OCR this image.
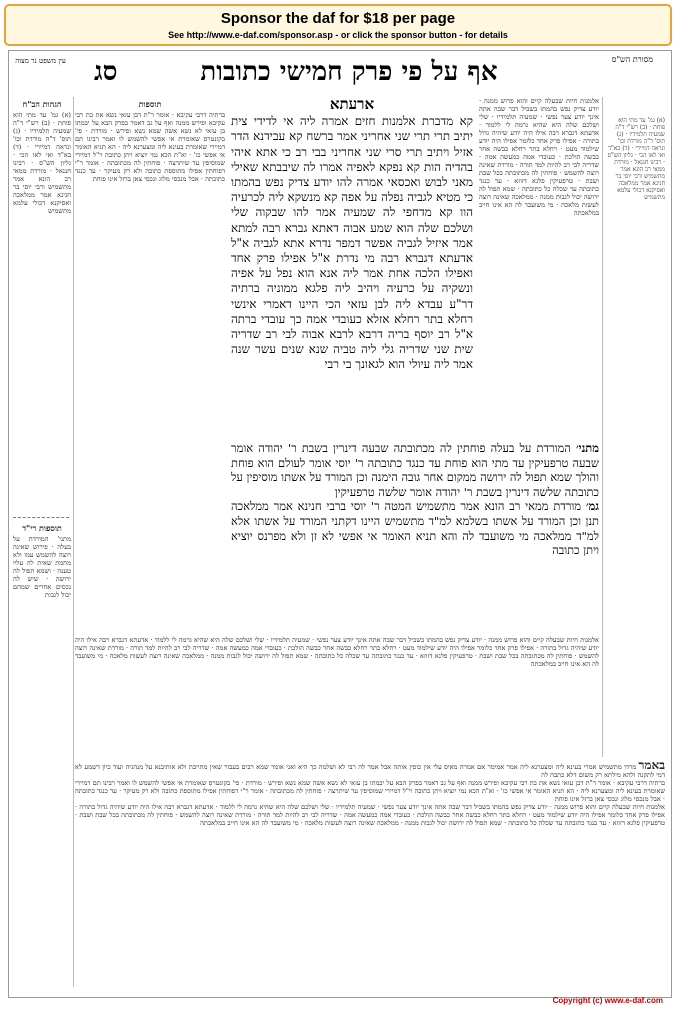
Sponsor the daf for $18 per page
See http://www.e-daf.com/sponsor.asp - or click the sponsor button - for details
מסורת הש"ס
אף על פי פרק חמישי כתובות
סג
עין משפט נר מצוה
הגהות הב"ח

(א) גמ' עד מתי הוא פוחת · (ב) רש"י ד"ה שמעיה תלמידיו · (ג) תוס' ד"ה מורדת וכו' ונראה דמיירי · (ד) בא"ד ואי לאו הכי · גליון הש"ס · רבינו חננאל · מורדת ממאי רב הונא אמר מתשמיש ורבי יוסי בר חנינא אמר ממלאכה ואסיקנא דכולי עלמא מתשמיש

תוספות

ברתיה דרבי עקיבא · אומר ר"ת דבן עזאי נשא את בת רבי עקיבא ופירש ממנה ואף על גב דאמר בפרק הבא על יבמתו בן עזאי לא נשא אשה שמא נשא ופירש · מורדת · פי' בקונטרס שאומרת אי אפשי להשמש לו ואמר רבינו תם דמיירי שאומרת בעינא ליה ומצערנא ליה · הא תניא האומר אי אפשי כו' · וא"ת הכא נמי יוציא ויתן כתובה וי"ל דמיירי שמוסיפין עד שיתרצה · פוחתין לה מכתובתה · אומר ר"י דפוחתין אפילו מתוספת כתובה ולא רק מעיקר · עד כנגד כתובתה · אבל מנכסי מלוג ונכסי צאן ברזל אינו פוחת

תוספות רי"ד

מתני' המורדת על בעלה · פירוש שאינה רוצה להשמש עמו ולא מחמת שאית לה עליו טענה · ושמא תפול לה ירושה · שיש לה נכסים אחרים שמהם יכול לגבות

אלמנות חיות שבעלה קיים והוא פרוש ממנה · יודע צדיק נפש בהמתו בשביל דבר שבה אתה אינך יודע צער נפשי · שמעיה תלמידיו · שלי ושלכם שלה היא שהיא גרמה לי ללמוד · אדעתא דגברא רבה אילו היה יודע שיהיה גדול בתורה · אפילו פרק אחד כלומר אפילו היה יודע שילמוד מעט · רחלא בתר רחלא כבשה אחר כבשה הולכת · כעובדי אמה כמעשה אמה · שדריה לבי רב להיות למד תורה · מורדת שאינה רוצה להשמש · פוחתין לה מכתובתה בכל שבת ושבת · טרפעיקין פלגא דזוזא · עד כנגד כתובתה עד שכלה כל כתובתה · שמא תפול לה ירושה יכול לגבות ממנה · ממלאכה שאינה רוצה לעשות מלאכה · מי משועבד לה הא אינו חייב במלאכתה

(א) גמ' עד מתי הוא פוחת · (ב) רש"י ד"ה שמעיה תלמידיו · (ג) תוס' ד"ה מורדת וכו' ונראה דמיירי · (ד) בא"ד ואי לאו הכי · גליון הש"ס · רבינו חננאל · מורדת ממאי רב הונא אמר מתשמיש ורבי יוסי בר חנינא אמר ממלאכה ואסיקנא דכולי עלמא מתשמיש

ארעתא

קא מדברת אלמנות חזים אמרה ליה אי לדידי צית יתיב תרי תרי שני אחריני אמר ברשח קא עבידנא הדר אזיל ויתיב תרי סרי שני אחריני בבי רב כי אתא איהי בהדיה הות קא נפקא לאפיה אמרו לה שיבבתא שאילי מאני לבוש ואכסאי אמרה להו יודע צדיק נפש בהמתו כי מטיא לגביה נפלה על אפה קא מנשקא ליה לכרעיה הוו קא מדחפי לה שמעיה אמר להו שבקוה שלי ושלכם שלה הוא שמע אבוה דאתא גברא רבה למתא אמר איזיל לגביה אפשר דמפר נדרא אתא לגביה א"ל אדעתא דגברא רבה מי נדרת א"ל אפילו פרק אחד ואפילו הלכה אחת אמר ליה אנא הוא נפל על אפיה ונשקיה על כרעיה ויהיב ליה פלגא ממוניה ברתיה דר"ע עבדא ליה לבן עזאי הכי היינו דאמרי אינשי רחלא בתר רחלא אזלא כעובדי אמה כך עובדי ברתה א"ל רב יוסף בריה דרבא לרבא אבוה לבי רב שדריה שית שני שדריה גלי ליה טביה שנא שנים עשר שנה אמר ליה עיולי הוא לגאונך בי רבי

מתני׳ המורדת על בעלה פוחתין לה מכתובתה שבעה דינרין בשבת ר' יהודה אומר שבעה טרפעיקין עד מתי הוא פוחת עד כנגד כתובתה ר' יוסי אומר לעולם הוא פוחת והולך שמא תפול לה ירושה ממקום אחר גובה הימנה וכן המורד על אשתו מוסיפין על כתובתה שלשה דינרין בשבת ר' יהודה אומר שלשה טרפעיקין

גמ׳ מורדת ממאי רב הונא אמר מתשמיש המטה ר' יוסי ברבי חנינא אמר ממלאכה תנן וכן המורד על אשתו בשלמא למ"ד מתשמיש היינו דקתני המורד על אשתו אלא למ"ד ממלאכה מי משועבד לה והא תניא האומר אי אפשי לא זן ולא מפרנס יוציא ויתן כתובה

אלמנות חיות שבעלה קיים והוא פרוש ממנה · יודע צדיק נפש בהמתו בשביל דבר שבה אתה אינך יודע צער נפשי · שמעיה תלמידיו · שלי ושלכם שלה היא שהיא גרמה לי ללמוד · אדעתא דגברא רבה אילו היה יודע שיהיה גדול בתורה · אפילו פרק אחד כלומר אפילו היה יודע שילמוד מעט · רחלא בתר רחלא כבשה אחר כבשה הולכת · כעובדי אמה כמעשה אמה · שדריה לבי רב להיות למד תורה · מורדת שאינה רוצה להשמש · פוחתין לה מכתובתה בכל שבת ושבת · טרפעיקין פלגא דזוזא · עד כנגד כתובתה עד שכלה כל כתובתה · שמא תפול לה ירושה יכול לגבות ממנה · ממלאכה שאינה רוצה לעשות מלאכה · מי משועבד לה הא אינו חייב במלאכתה

באמר מרדו מתשמיש אמרי בעינא ליה ומצערנא ליה אמר אמימר אם אמרה מאיס עלי אין כופין אותה אבל אמר לה רבי לא ושלמה כך היא ואני אומר שמא רבים בעבור שאין מתייבת ולא אותיבנא על מנהגיה ועוד כיון דשמע לא דמי לתקנה ולהא מילתא רק משום דלא כתבה לה

ברתיה דרבי עקיבא · אומר ר"ת דבן עזאי נשא את בת רבי עקיבא ופירש ממנה ואף על גב דאמר בפרק הבא על יבמתו בן עזאי לא נשא אשה שמא נשא ופירש · מורדת · פי' בקונטרס שאומרת אי אפשי להשמש לו ואמר רבינו תם דמיירי שאומרת בעינא ליה ומצערנא ליה · הא תניא האומר אי אפשי כו' · וא"ת הכא נמי יוציא ויתן כתובה וי"ל דמיירי שמוסיפין עד שיתרצה · פוחתין לה מכתובתה · אומר ר"י דפוחתין אפילו מתוספת כתובה ולא רק מעיקר · עד כנגד כתובתה · אבל מנכסי מלוג ונכסי צאן ברזל אינו פוחת

אלמנות חיות שבעלה קיים והוא פרוש ממנה · יודע צדיק נפש בהמתו בשביל דבר שבה אתה אינך יודע צער נפשי · שמעיה תלמידיו · שלי ושלכם שלה היא שהיא גרמה לי ללמוד · אדעתא דגברא רבה אילו היה יודע שיהיה גדול בתורה · אפילו פרק אחד כלומר אפילו היה יודע שילמוד מעט · רחלא בתר רחלא כבשה אחר כבשה הולכת · כעובדי אמה כמעשה אמה · שדריה לבי רב להיות למד תורה · מורדת שאינה רוצה להשמש · פוחתין לה מכתובתה בכל שבת ושבת · טרפעיקין פלגא דזוזא · עד כנגד כתובתה עד שכלה כל כתובתה · שמא תפול לה ירושה יכול לגבות ממנה · ממלאכה שאינה רוצה לעשות מלאכה · מי משועבד לה הא אינו חייב במלאכתה

Copyright (c) www.e-daf.com
